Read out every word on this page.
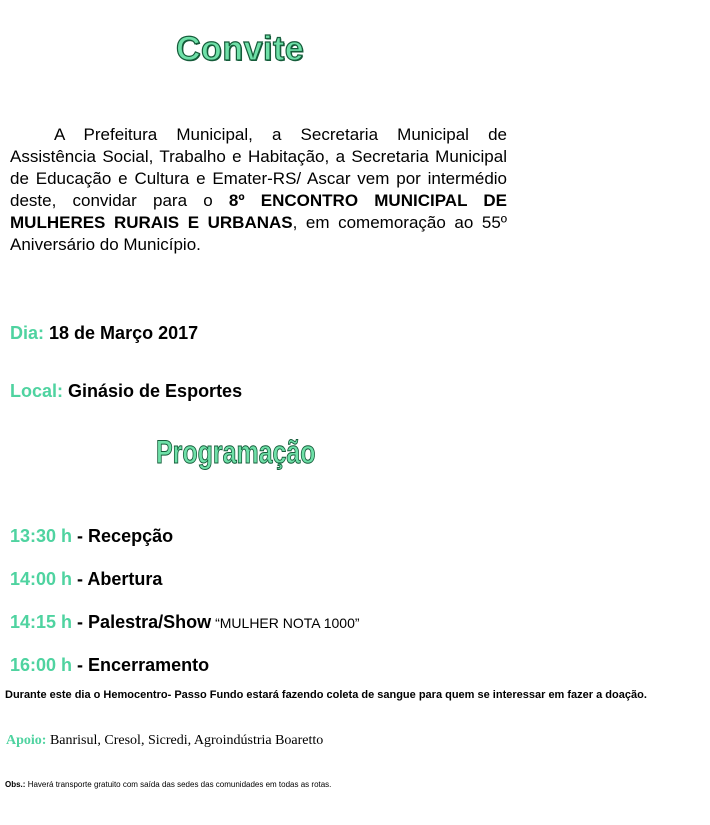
Convite
A Prefeitura Municipal, a Secretaria Municipal de Assistência Social, Trabalho e Habitação, a Secretaria Municipal de Educação e Cultura e Emater-RS/ Ascar vem por intermédio deste, convidar para o 8º ENCONTRO MUNICIPAL DE MULHERES RURAIS E URBANAS, em comemoração ao 55º Aniversário do Município.
Dia: 18 de Março 2017
Local: Ginásio de Esportes
Programação
13:30 h - Recepção
14:00 h - Abertura
14:15 h - Palestra/Show “MULHER NOTA 1000”
16:00 h - Encerramento
Durante este dia o Hemocentro- Passo Fundo estará fazendo coleta de sangue para quem se interessar em fazer a doação.
Apoio: Banrisul, Cresol, Sicredi, Agroindústria Boaretto
Obs.: Haverá transporte gratuito com saída das sedes das comunidades em todas as rotas.
